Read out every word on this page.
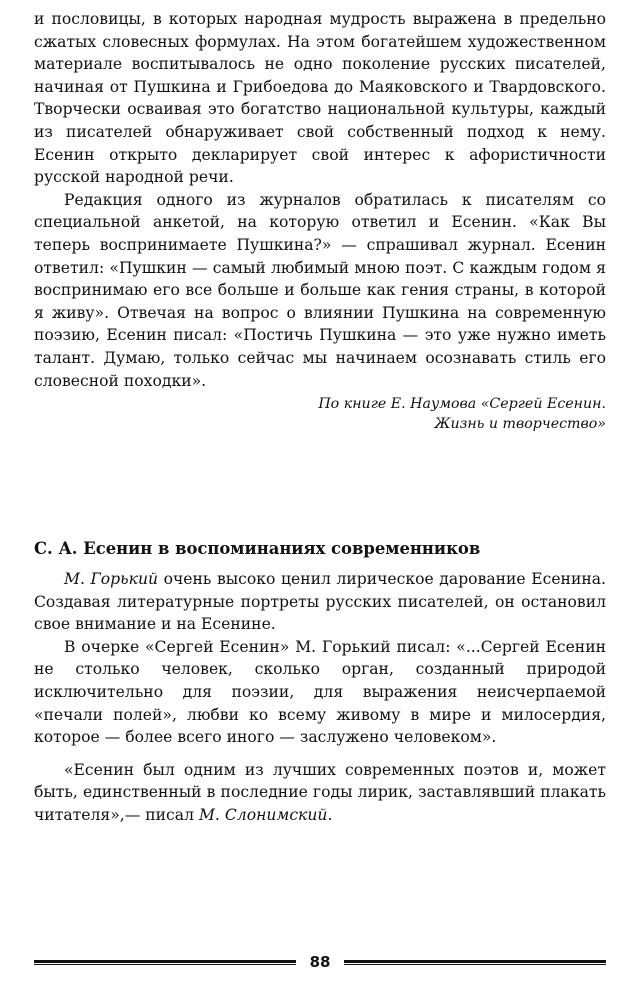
и пословицы, в которых народная мудрость выражена в предельно сжатых словесных формулах. На этом богатейшем художественном материале воспитывалось не одно поколение русских писателей, начиная от Пушкина и Грибоедова до Маяковского и Твардовского. Творчески осваивая это богатство национальной культуры, каждый из писателей обнаруживает свой собственный подход к нему. Есенин открыто декларирует свой интерес к афористичности русской народной речи.

Редакция одного из журналов обратилась к писателям со специальной анкетой, на которую ответил и Есенин. «Как Вы теперь воспринимаете Пушкина?» — спрашивал журнал. Есенин ответил: «Пушкин — самый любимый мною поэт. С каждым годом я воспринимаю его все больше и больше как гения страны, в которой я живу». Отвечая на вопрос о влиянии Пушкина на современную поэзию, Есенин писал: «Постичь Пушкина — это уже нужно иметь талант. Думаю, только сейчас мы начинаем осознавать стиль его словесной походки».

По книге Е. Наумова «Сергей Есенин.
Жизнь и творчество»

С. А. Есенин в воспоминаниях современников

М. Горький очень высоко ценил лирическое дарование Есенина. Создавая литературные портреты русских писателей, он остановил свое внимание и на Есенине.

В очерке «Сергей Есенин» М. Горький писал: «...Сергей Есенин не столько человек, сколько орган, созданный природой исключительно для поэзии, для выражения неисчерпаемой «печали полей», любви ко всему живому в мире и милосердия, которое — более всего иного — заслужено человеком».

«Есенин был одним из лучших современных поэтов и, может быть, единственный в последние годы лирик, заставлявший плакать читателя»,— писал М. Слонимский.

88
